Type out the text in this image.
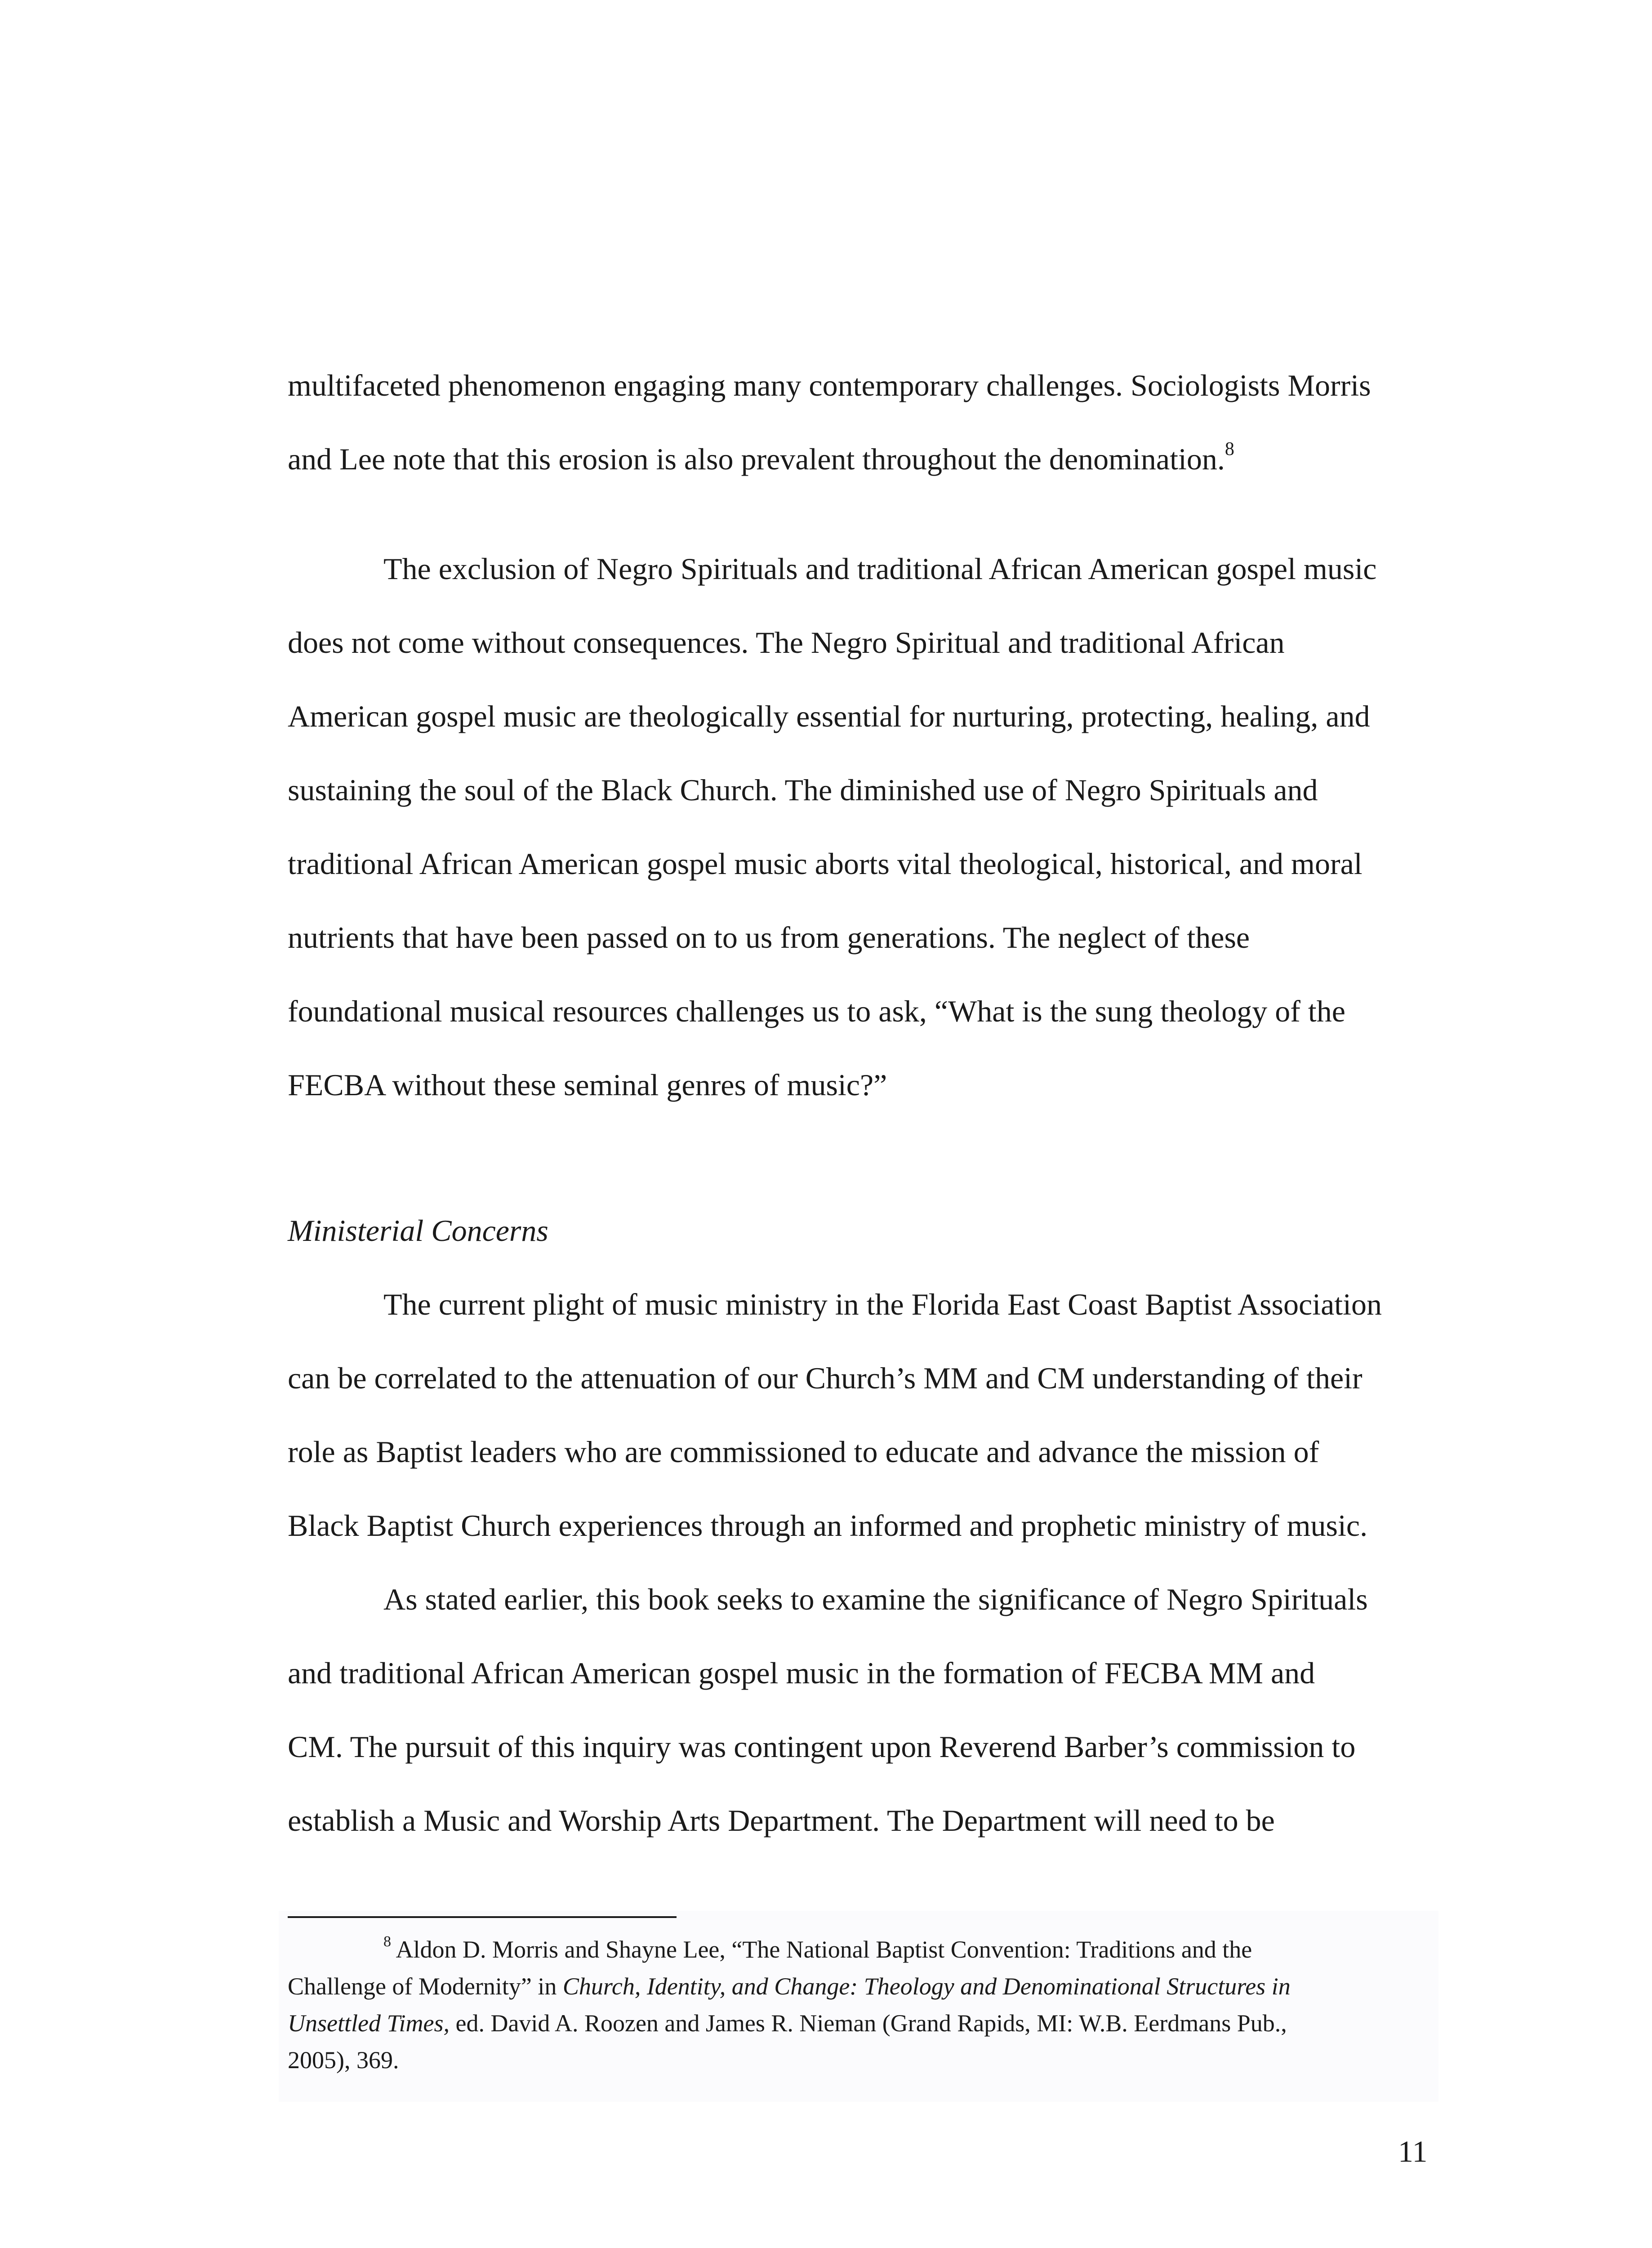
multifaceted phenomenon engaging many contemporary challenges. Sociologists Morris
and Lee note that this erosion is also prevalent throughout the denomination.$^8$
The exclusion of Negro Spirituals and traditional African American gospel music
does not come without consequences. The Negro Spiritual and traditional African
American gospel music are theologically essential for nurturing, protecting, healing, and
sustaining the soul of the Black Church. The diminished use of Negro Spirituals and
traditional African American gospel music aborts vital theological, historical, and moral
nutrients that have been passed on to us from generations. The neglect of these
foundational musical resources challenges us to ask, “What is the sung theology of the
FECBA without these seminal genres of music?”
Ministerial Concerns
The current plight of music ministry in the Florida East Coast Baptist Association
can be correlated to the attenuation of our Church’s MM and CM understanding of their
role as Baptist leaders who are commissioned to educate and advance the mission of
Black Baptist Church experiences through an informed and prophetic ministry of music.
As stated earlier, this book seeks to examine the significance of Negro Spirituals
and traditional African American gospel music in the formation of FECBA MM and
CM. The pursuit of this inquiry was contingent upon Reverend Barber’s commission to
establish a Music and Worship Arts Department. The Department will need to be
$^8$ Aldon D. Morris and Shayne Lee, “The National Baptist Convention: Traditions and the
Challenge of Modernity” in Church, Identity, and Change: Theology and Denominational Structures in
Unsettled Times, ed. David A. Roozen and James R. Nieman (Grand Rapids, MI: W.B. Eerdmans Pub.,
2005), 369.
11
